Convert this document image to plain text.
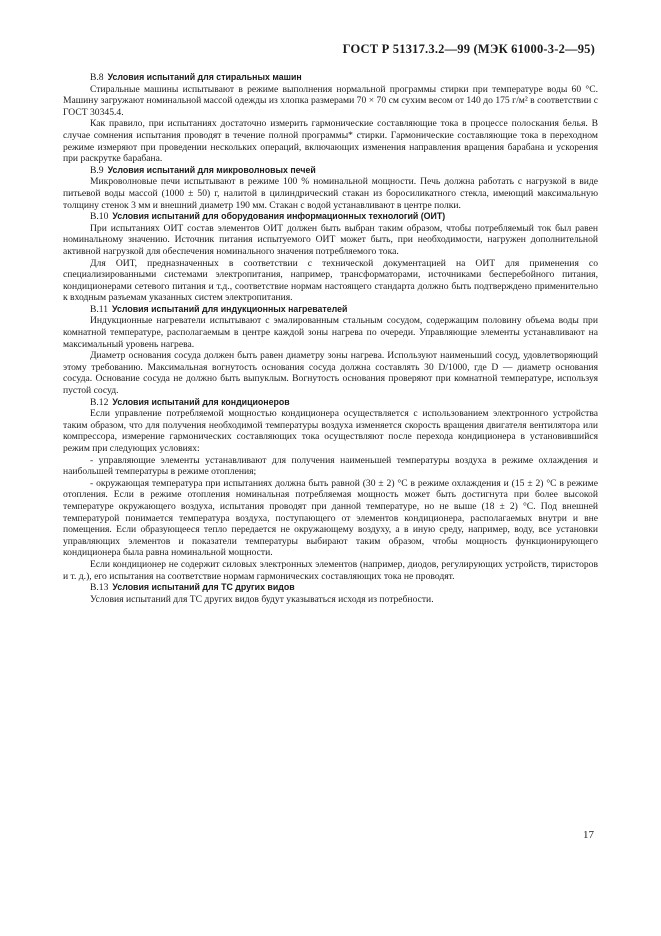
ГОСТ Р 51317.3.2—99 (МЭК 61000-3-2—95)

В.8 Условия испытаний для стиральных машин

Стиральные машины испытывают в режиме выполнения нормальной программы стирки при температуре воды 60 °С. Машину загружают номинальной массой одежды из хлопка размерами 70 × 70 см сухим весом от 140 до 175 г/м² в соответствии с ГОСТ 30345.4.

Как правило, при испытаниях достаточно измерить гармонические составляющие тока в процессе полоскания белья. В случае сомнения испытания проводят в течение полной программы* стирки. Гармонические составляющие тока в переходном режиме измеряют при проведении нескольких операций, включающих изменения направления вращения барабана и ускорения при раскрутке барабана.

В.9 Условия испытаний для микроволновых печей

Микроволновые печи испытывают в режиме 100 % номинальной мощности. Печь должна работать с нагрузкой в виде питьевой воды массой (1000 ± 50) г, налитой в цилиндрический стакан из боросиликатного стекла, имеющий максимальную толщину стенок 3 мм и внешний диаметр 190 мм. Стакан с водой устанавливают в центре полки.

В.10 Условия испытаний для оборудования информационных технологий (ОИТ)

При испытаниях ОИТ состав элементов ОИТ должен быть выбран таким образом, чтобы потребляемый ток был равен номинальному значению. Источник питания испытуемого ОИТ может быть, при необходимости, нагружен дополнительной активной нагрузкой для обеспечения номинального значения потребляемого тока.

Для ОИТ, предназначенных в соответствии с технической документацией на ОИТ для применения со специализированными системами электропитания, например, трансформаторами, источниками бесперебойного питания, кондиционерами сетевого питания и т.д., соответствие нормам настоящего стандарта должно быть подтверждено применительно к входным разъемам указанных систем электропитания.

В.11 Условия испытаний для индукционных нагревателей

Индукционные нагреватели испытывают с эмалированным стальным сосудом, содержащим половину объема воды при комнатной температуре, располагаемым в центре каждой зоны нагрева по очереди. Управляющие элементы устанавливают на максимальный уровень нагрева.

Диаметр основания сосуда должен быть равен диаметру зоны нагрева. Используют наименьший сосуд, удовлетворяющий этому требованию. Максимальная вогнутость основания сосуда должна составлять 30 D/1000, где D — диаметр основания сосуда. Основание сосуда не должно быть выпуклым. Вогнутость основания проверяют при комнатной температуре, используя пустой сосуд.

В.12 Условия испытаний для кондиционеров

Если управление потребляемой мощностью кондиционера осуществляется с использованием электронного устройства таким образом, что для получения необходимой температуры воздуха изменяется скорость вращения двигателя вентилятора или компрессора, измерение гармонических составляющих тока осуществляют после перехода кондиционера в установившийся режим при следующих условиях:

- управляющие элементы устанавливают для получения наименьшей температуры воздуха в режиме охлаждения и наибольшей температуры в режиме отопления;

- окружающая температура при испытаниях должна быть равной (30 ± 2) °С в режиме охлаждения и (15 ± 2) °С в режиме отопления. Если в режиме отопления номинальная потребляемая мощность может быть достигнута при более высокой температуре окружающего воздуха, испытания проводят при данной температуре, но не выше (18 ± 2) °С. Под внешней температурой понимается температура воздуха, поступающего от элементов кондиционера, располагаемых внутри и вне помещения. Если образующееся тепло передается не окружающему воздуху, а в иную среду, например, воду, все установки управляющих элементов и показатели температуры выбирают таким образом, чтобы мощность функционирующего кондиционера была равна номинальной мощности.

Если кондиционер не содержит силовых электронных элементов (например, диодов, регулирующих устройств, тиристоров и т. д.), его испытания на соответствие нормам гармонических составляющих тока не проводят.

В.13 Условия испытаний для ТС других видов

Условия испытаний для ТС других видов будут указываться исходя из потребности.

17
